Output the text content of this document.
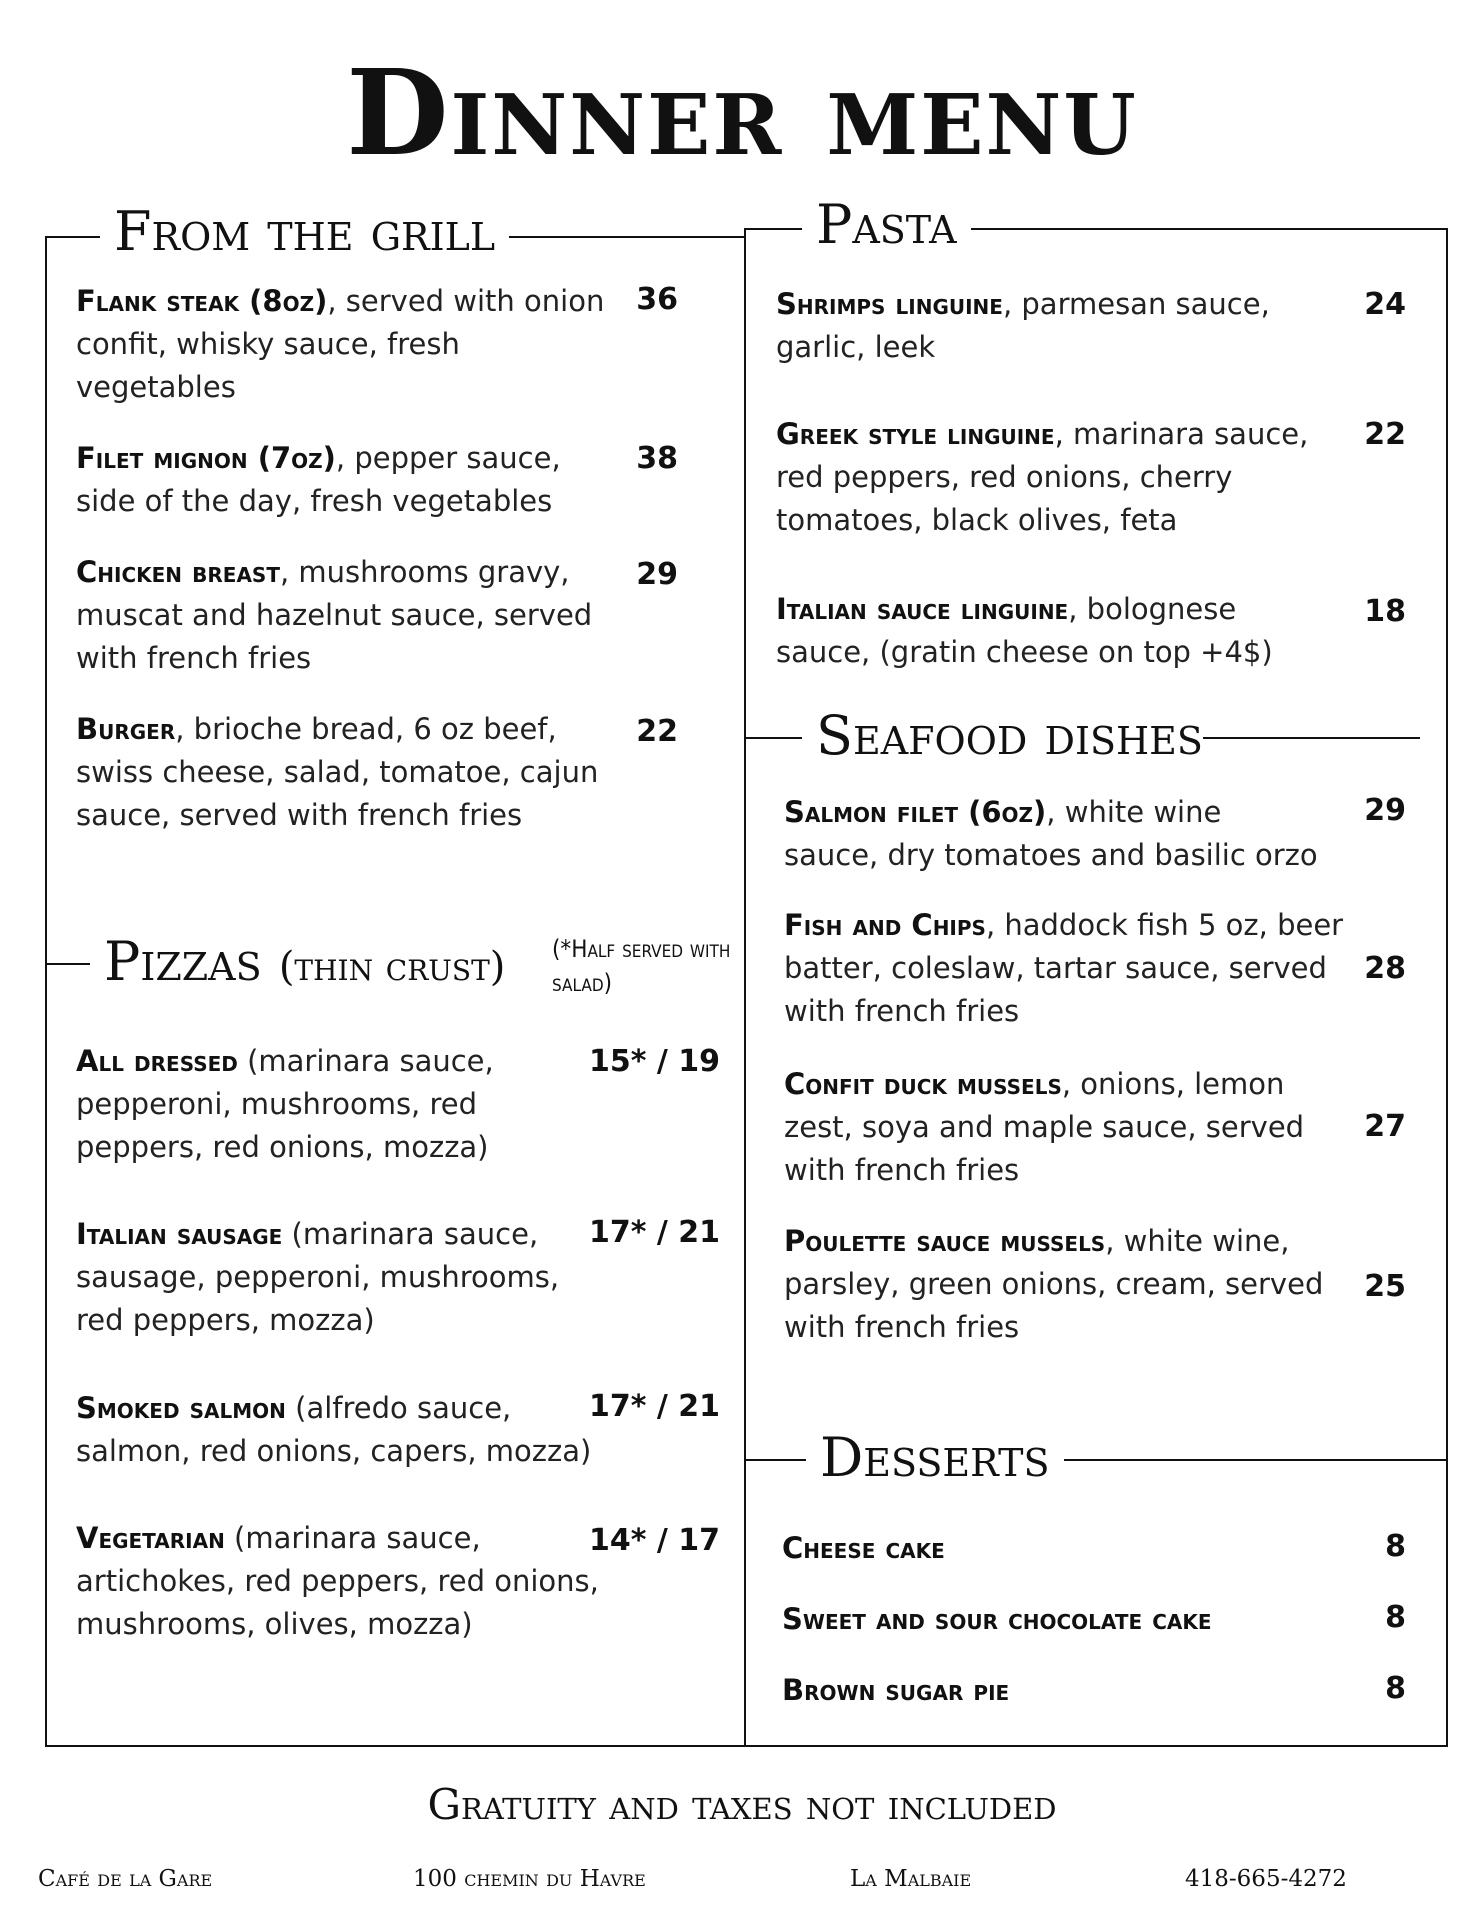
Dinner menu
From the grill	Pasta
Seafood dishes
Desserts
Pizzas (thin crust)	(*Half served with salad)
Flank steak (8oz), served with onion confit, whisky sauce, fresh vegetables
36
Filet mignon (7oz), pepper sauce, side of the day, fresh vegetables
38
Chicken breast, mushrooms gravy, muscat and hazelnut sauce, served with french fries
29
Burger, brioche bread, 6 oz beef, swiss cheese, salad, tomatoe, cajun sauce, served with french fries
22
All dressed (marinara sauce, pepperoni, mushrooms, red peppers, red onions, mozza)
15* / 19
Italian sausage (marinara sauce, sausage, pepperoni, mushrooms, red peppers, mozza)
17* / 21
Smoked salmon (alfredo sauce, salmon, red onions, capers, mozza)
17* / 21
Vegetarian (marinara sauce, artichokes, red peppers, red onions, mushrooms, olives, mozza)
14* / 17
Shrimps linguine, parmesan sauce, garlic, leek
24
Greek style linguine, marinara sauce, red peppers, red onions, cherry tomatoes, black olives, feta
22
Italian sauce linguine, bolognese sauce, (gratin cheese on top +4$)
18
Salmon filet (6oz), white wine sauce, dry tomatoes and basilic orzo
29
Fish and Chips, haddock fish 5 oz, beer batter, coleslaw, tartar sauce, served with french fries
28
Confit duck mussels, onions, lemon zest, soya and maple sauce, served with french fries
27
Poulette sauce mussels, white wine, parsley, green onions, cream, served with french fries
25
Cheese cake	8
Sweet and sour chocolate cake	8
Brown sugar pie	8
Gratuity and taxes not included
Café de la Gare	100 chemin du Havre	La Malbaie	418-665-4272
